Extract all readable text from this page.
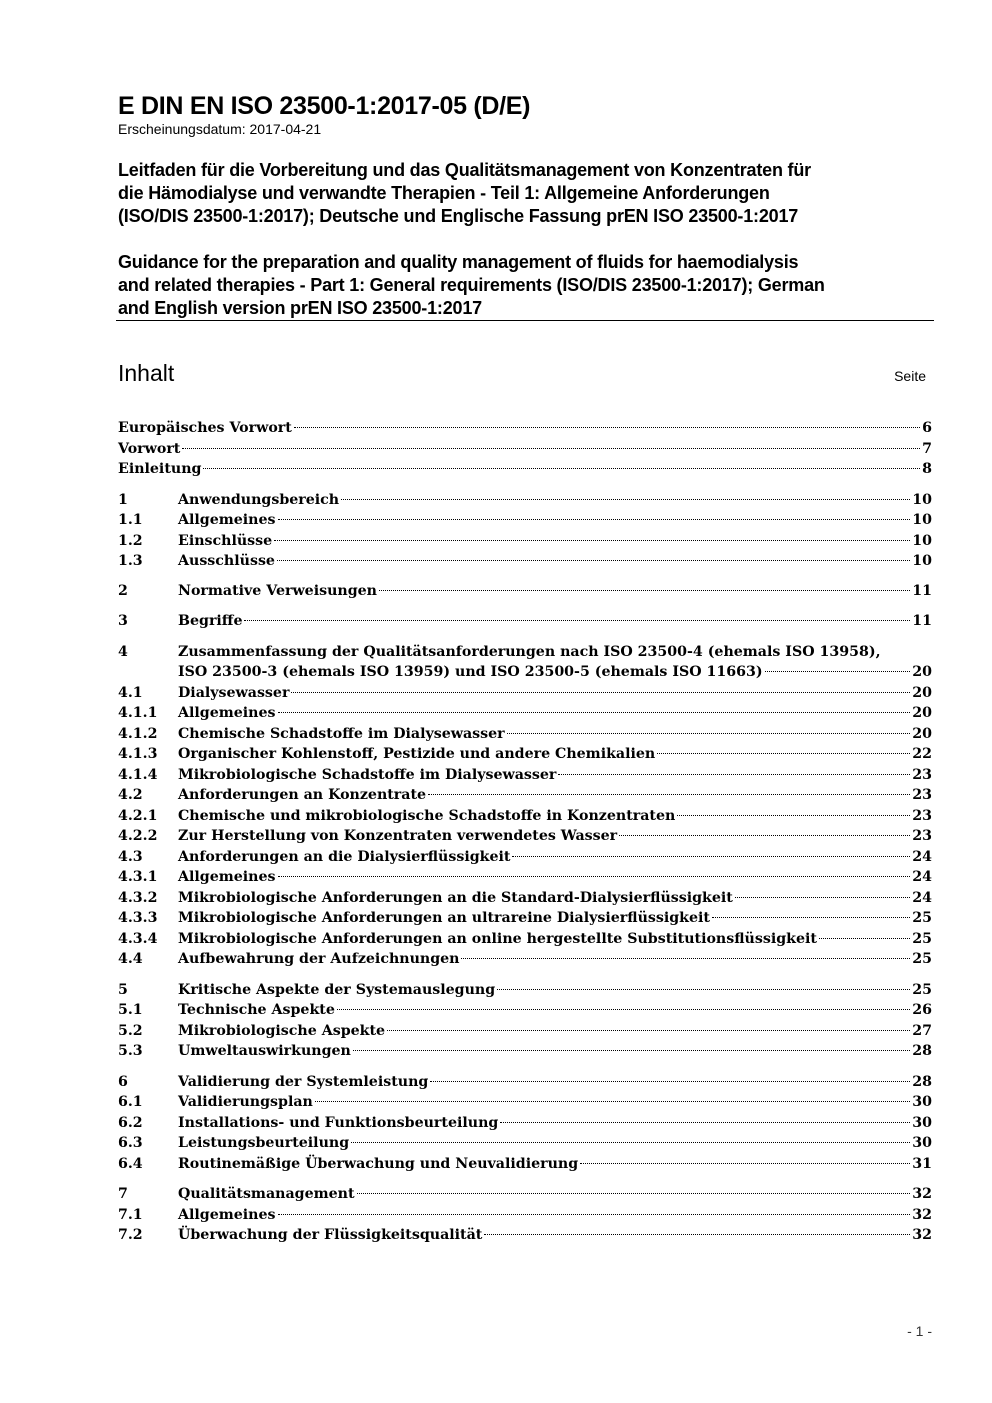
E DIN EN ISO 23500-1:2017-05 (D/E)
Erscheinungsdatum: 2017-04-21
Leitfaden für die Vorbereitung und das Qualitätsmanagement von Konzentraten für
die Hämodialyse und verwandte Therapien - Teil 1: Allgemeine Anforderungen
(ISO/DIS 23500-1:2017); Deutsche und Englische Fassung prEN ISO 23500-1:2017
Guidance for the preparation and quality management of fluids for haemodialysis
and related therapies - Part 1: General requirements (ISO/DIS 23500-1:2017); German
and English version prEN ISO 23500-1:2017
Inhalt	Seite
Europäisches Vorwort	6
Vorwort	7
Einleitung	8
1	Anwendungsbereich	10
1.1 Allgemeines	10
1.2 Einschlüsse	10
1.3 Ausschlüsse	10
2	Normative Verweisungen	11
3	Begriffe	11
4	Zusammenfassung der Qualitätsanforderungen nach ISO 23500-4 (ehemals ISO 13958),
ISO 23500-3 (ehemals ISO 13959) und ISO 23500-5 (ehemals ISO 11663)	20
4.1 Dialysewasser	20
4.1.1 Allgemeines	20
4.1.2 Chemische Schadstoffe im Dialysewasser	20
4.1.3 Organischer Kohlenstoff, Pestizide und andere Chemikalien	22
4.1.4 Mikrobiologische Schadstoffe im Dialysewasser	23
4.2 Anforderungen an Konzentrate	23
4.2.1 Chemische und mikrobiologische Schadstoffe in Konzentraten	23
4.2.2 Zur Herstellung von Konzentraten verwendetes Wasser	23
4.3 Anforderungen an die Dialysierflüssigkeit	24
4.3.1 Allgemeines	24
4.3.2 Mikrobiologische Anforderungen an die Standard-Dialysierflüssigkeit	24
4.3.3 Mikrobiologische Anforderungen an ultrareine Dialysierflüssigkeit	25
4.3.4 Mikrobiologische Anforderungen an online hergestellte Substitutionsflüssigkeit	25
4.4 Aufbewahrung der Aufzeichnungen	25
5	Kritische Aspekte der Systemauslegung	25
5.1 Technische Aspekte	26
5.2 Mikrobiologische Aspekte	27
5.3 Umweltauswirkungen	28
6	Validierung der Systemleistung	28
6.1 Validierungsplan	30
6.2 Installations- und Funktionsbeurteilung	30
6.3 Leistungsbeurteilung	30
6.4 Routinemäßige Überwachung und Neuvalidierung	31
7	Qualitätsmanagement	32
7.1 Allgemeines	32
7.2 Überwachung der Flüssigkeitsqualität	32
- 1 -
